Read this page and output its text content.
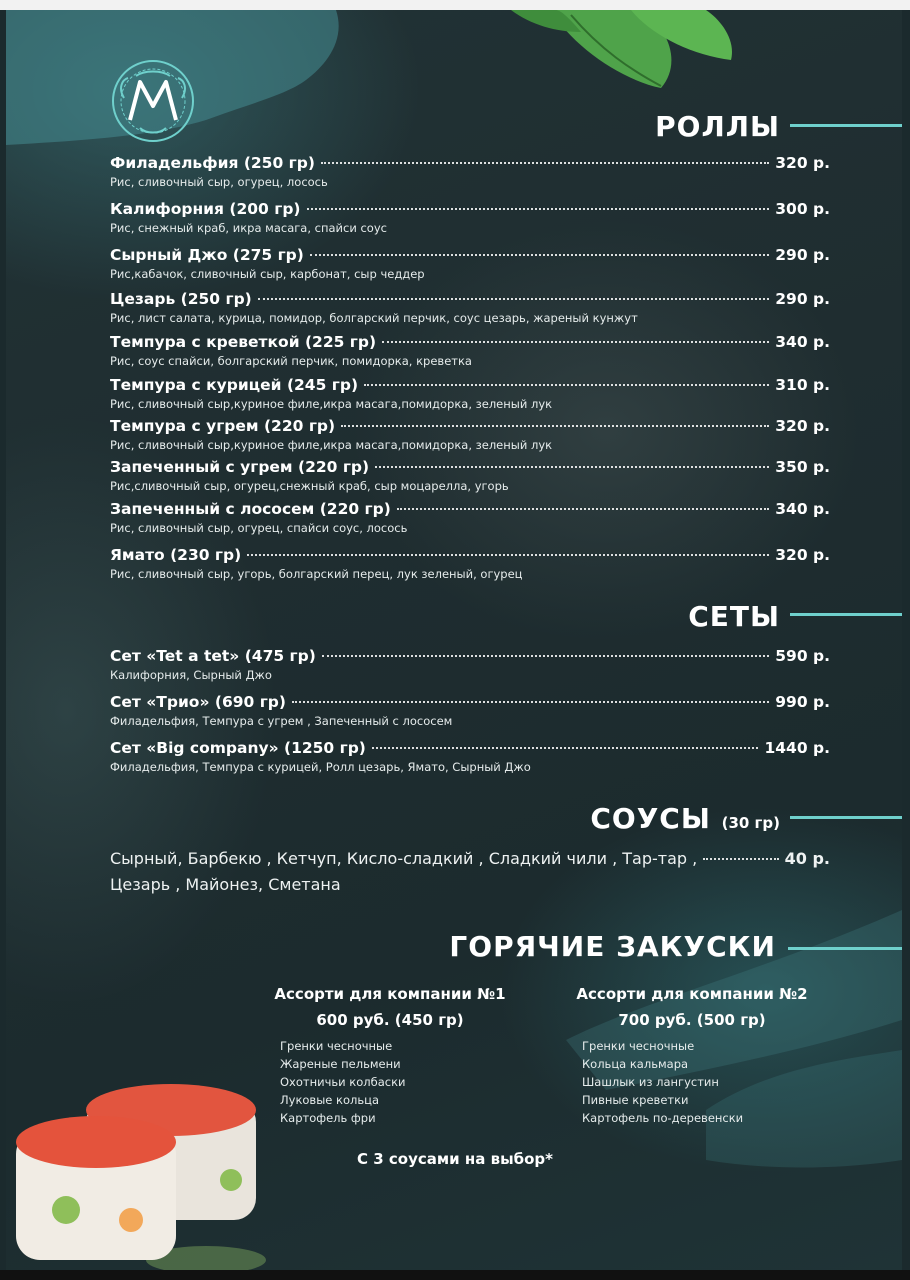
РОЛЛЫ
Филадельфия (250 гр)	320 р.
Рис, сливочный сыр, огурец, лосось
Калифорния (200 гр)	300 р.
Рис, снежный краб, икра масага, спайси соус
Сырный Джо (275 гр)	290 р.
Рис,кабачок, сливочный сыр, карбонат, сыр чеддер
Цезарь (250 гр)	290 р.
Рис, лист салата, курица, помидор, болгарский перчик, соус цезарь, жареный кунжут
Темпура с креветкой (225 гр)	340 р.
Рис, соус спайси, болгарский перчик, помидорка, креветка
Темпура с курицей (245 гр)	310 р.
Рис, сливочный сыр,куриное филе,икра масага,помидорка, зеленый лук
Темпура с угрем (220 гр)	320 р.
Рис, сливочный сыр,куриное филе,икра масага,помидорка, зеленый лук
Запеченный с угрем (220 гр)	350 р.
Рис,сливочный сыр, огурец,снежный краб, сыр моцарелла, угорь
Запеченный с лососем (220 гр)	340 р.
Рис, сливочный сыр, огурец, спайси соус, лосось
Ямато (230 гр)	320 р.
Рис, сливочный сыр, угорь, болгарский перец, лук зеленый, огурец
СЕТЫ
Сет «Tet a tet» (475 гр)	590 р.
Калифорния, Сырный Джо
Сет «Трио» (690 гр)	990 р.
Филадельфия, Темпура с угрем , Запеченный с лососем
Сет «Big company» (1250 гр)	1440 р.
Филадельфия, Темпура с курицей, Ролл цезарь, Ямато, Сырный Джо
СОУСЫ (30 гр)
Сырный, Барбекю , Кетчуп, Кисло-сладкий , Сладкий чили , Тар-тар ,	40 р.
Цезарь , Майонез, Сметана
ГОРЯЧИЕ ЗАКУСКИ
Ассорти для компании №1
600 руб. (450 гр)
Гренки чесночные
Жареные пельмени
Охотничьи колбаски
Луковые кольца
Картофель фри
Ассорти для компании №2
700 руб. (500 гр)
Гренки чесночные
Кольца кальмара
Шашлык из лангустин
Пивные креветки
Картофель по-деревенски
С 3 соусами на выбор*
